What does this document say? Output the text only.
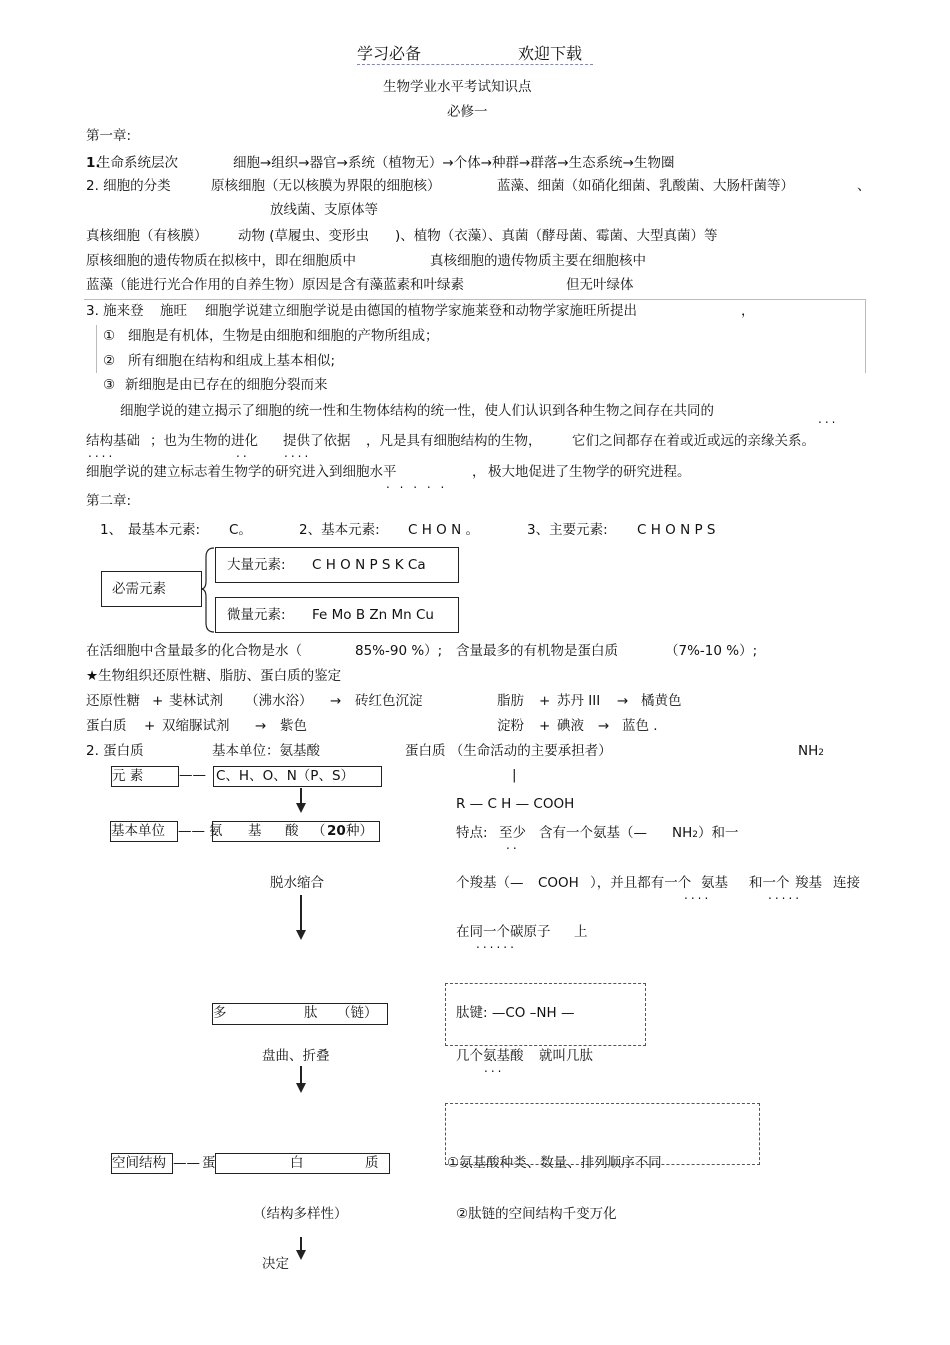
学习必备	欢迎下载
生物学业水平考试知识点
必修一
第一章:
1.
生命系统层次	细胞→组织→器官→系统（植物无）→个体→种群→群落→生态系统→生物圈
2. 细胞的分类	原核细胞（无以核膜为界限的细胞核）	蓝藻、细菌（如硝化细菌、乳酸菌、大肠杆菌等）	、
放线菌、支原体等
真核细胞（有核膜） 动物 (草履虫、变形虫 )、植物（衣藻）、真菌（酵母菌、霉菌、大型真菌）等
原核细胞的遗传物质在拟核中，即在细胞质中	真核细胞的遗传物质主要在细胞核中
蓝藻（能进行光合作用的自养生物）原因是含有藻蓝素和叶绿素	但无叶绿体
3. 施来登 施旺 细胞学说建立细胞学说是由德国的植物学家施莱登和动物学家施旺所提出	，
① 细胞是有机体，生物是由细胞和细胞的产物所组成；
② 所有细胞在结构和组成上基本相似;
③ 新细胞是由已存在的细胞分裂而来
细胞学说的建立揭示了细胞的统一性和生物体结构的统一性，使人们认识到各种生物之间存在共同的	...
结构基础 ；也为生物的进化 提供了依据 ，凡是具有细胞结构的生物， 它们之间都存在着或近或远的亲缘关系。
....	..	....
细胞学说的建立标志着生物学的研究进入到细胞水平
. . . . .
， 极大地促进了生物学的研究进程。
第二章:
1、 最基本元素: C。	2、基本元素: C H O N 。	3、主要元素: C H O N P S
必需元素
大量元素: C H O N P S K Ca
微量元素: Fe Mo B Zn Mn Cu
在活细胞中含量最多的化合物是水（	85%-90 %）; 含量最多的有机物是蛋白质	（7%-10 %）;
★生物组织还原性糖、脂肪、蛋白质的鉴定
还原性糖 + 斐林试剂 （沸水浴） → 砖红色沉淀	脂肪 + 苏丹 III → 橘黄色
蛋白质 + 双缩脲试剂 → 紫色	淀粉 + 碘液 → 蓝色 .
2. 蛋白质	基本单位：氨基酸	蛋白质 （生命活动的主要承担者）	NH2
元 素	—— C、H、O、N（P、S）	|
R — C H — COOH
基本单位 —— 氨 基 酸 （ 20 种）	特点: 至少
..
含有一个氨基（— NH2）和一
脱水缩合	个羧基（— COOH ），并且都有一个 氨基 和一个 羧基 连接
....	.....
在同一个碳原子 上
......
多	肽 （链）	肽键: —CO –NH —
盘曲、折叠	几个氨基酸 就叫几肽
...
空间结构 —— 蛋	白	质	①氨基酸种类、数量、排列顺序不同
（结构多样性）	②肽链的空间结构千变万化
决定
